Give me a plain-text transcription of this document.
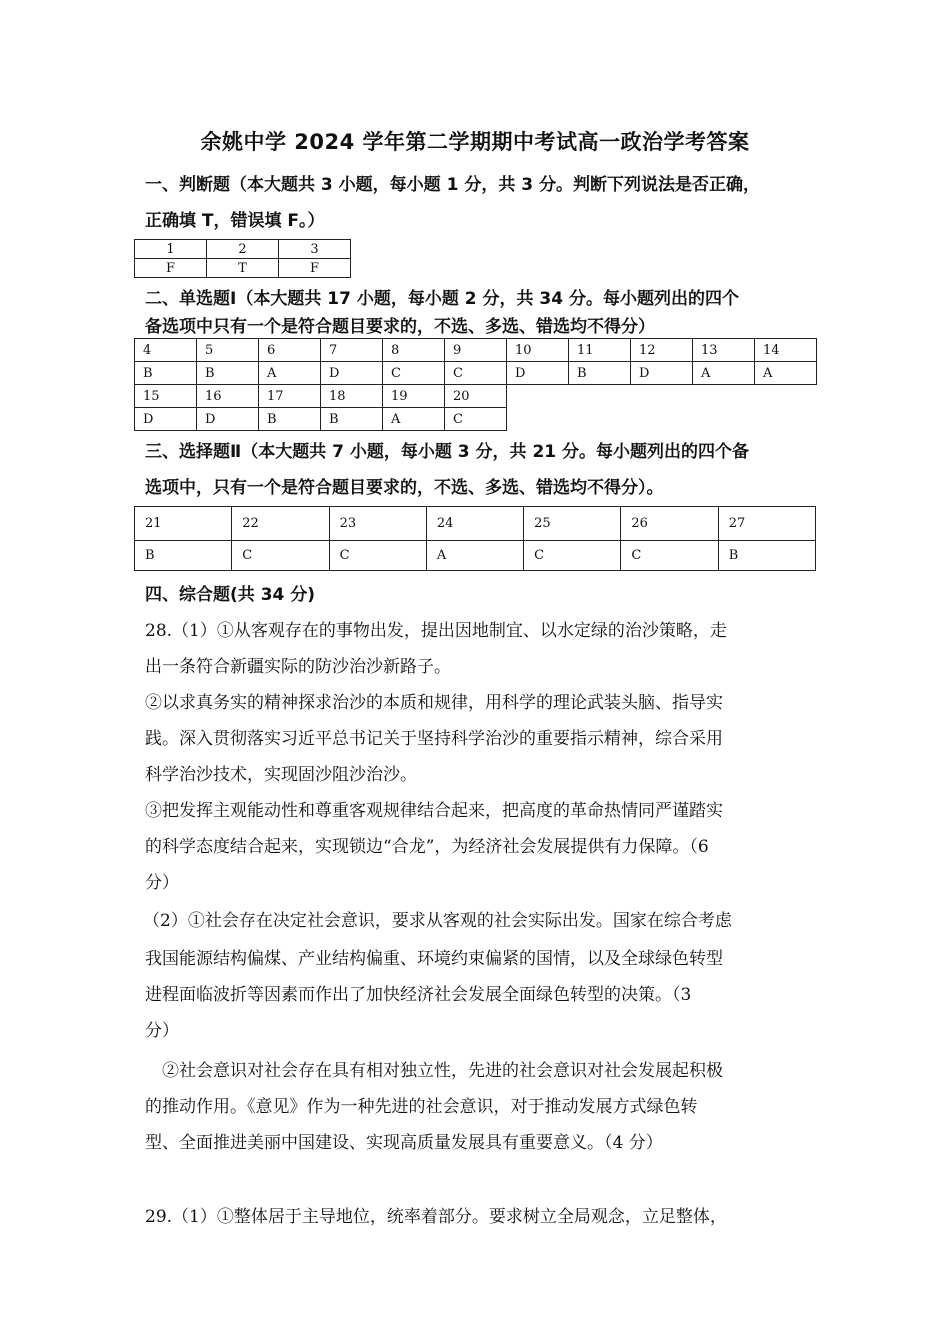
余姚中学 2024 学年第二学期期中考试高一政治学考答案
一、判断题（本大题共 3 小题，每小题 1 分，共 3 分。判断下列说法是否正确，
正确填 T，错误填 F。）
1	2	3
F	T	F
二、单选题Ⅰ（本大题共 17 小题，每小题 2 分，共 34 分。每小题列出的四个
备选项中只有一个是符合题目要求的，不选、多选、错选均不得分）
4	5	6	7	8	9	10	11	12	13	14
B	B	A	D	C	C	D	B	D	A	A
15	16	17	18	19	20					
D	D	B	B	A	C					
三、选择题Ⅱ（本大题共 7 小题，每小题 3 分，共 21 分。每小题列出的四个备
选项中，只有一个是符合题目要求的，不选、多选、错选均不得分）。
21	22	23	24	25	26	27
B	C	C	A	C	C	B
四、综合题(共 34 分)
28.（1）①从客观存在的事物出发，提出因地制宜、以水定绿的治沙策略，走
出一条符合新疆实际的防沙治沙新路子。
②以求真务实的精神探求治沙的本质和规律，用科学的理论武装头脑、指导实
践。深入贯彻落实习近平总书记关于坚持科学治沙的重要指示精神，综合采用
科学治沙技术，实现固沙阻沙治沙。
③把发挥主观能动性和尊重客观规律结合起来，把高度的革命热情同严谨踏实
的科学态度结合起来，实现锁边“合龙”，为经济社会发展提供有力保障。（6
分）
（2）①社会存在决定社会意识，要求从客观的社会实际出发。国家在综合考虑
我国能源结构偏煤、产业结构偏重、环境约束偏紧的国情，以及全球绿色转型
进程面临波折等因素而作出了加快经济社会发展全面绿色转型的决策。（3
分）
②社会意识对社会存在具有相对独立性，先进的社会意识对社会发展起积极
的推动作用。《意见》作为一种先进的社会意识，对于推动发展方式绿色转
型、全面推进美丽中国建设、实现高质量发展具有重要意义。（4 分）
29.（1）①整体居于主导地位，统率着部分。要求树立全局观念，立足整体，
